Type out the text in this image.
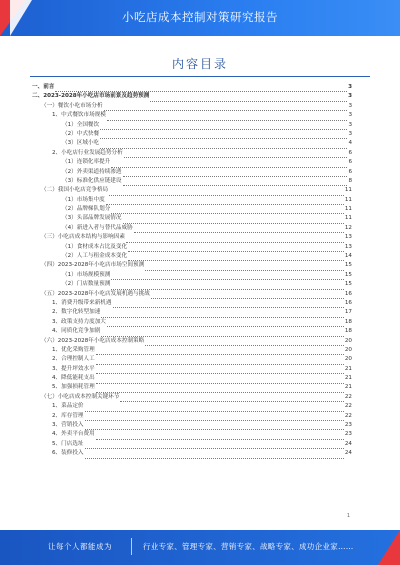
小吃店成本控制对策研究报告
内容目录
一、前言	3
二、2023-2028年小吃店市场前景及趋势预测	3
（一）餐饮小吃市场分析	3
1、中式餐饮市场规模	3
（1）全国餐饮	3
（2）中式快餐	3
（3）区域小吃	4
2、小吃店行业发展趋势分析	6
（1）连锁化率提升	6
（2）外卖渠道持续渗透	6
（3）标准化供应链建设	8
（二）我国小吃店竞争格局	11
（1）市场集中度	11
（2）品牌梯队划分	11
（3）头部品牌发展情况	11
（4）新进入者与替代品威胁	12
（三）小吃店成本结构与影响因素	13
（1）食材成本占比及变化	13
（2）人工与租金成本变化	14
（四）2023-2028年小吃店市场空间预测	15
（1）市场规模预测	15
（2）门店数量预测	15
（五）2023-2028年小吃店发展机遇与挑战	16
1、消费升级带来新机遇	16
2、数字化转型加速	17
3、政策支持力度加大	18
4、同质化竞争加剧	18
（六）2023-2028年小吃店成本控制策略	20
1、优化采购管理	20
2、合理控制人工	20
3、提升坪效水平	21
4、降低能耗支出	21
5、加强损耗管理	21
（七）小吃店成本控制关键环节	22
1、菜品定价	22
2、库存管理	22
3、营销投入	23
4、外卖平台费用	23
5、门店选址	24
6、装修投入	24
1
让每个人都能成为	行业专家、管理专家、营销专家、战略专家、成功企业家……
